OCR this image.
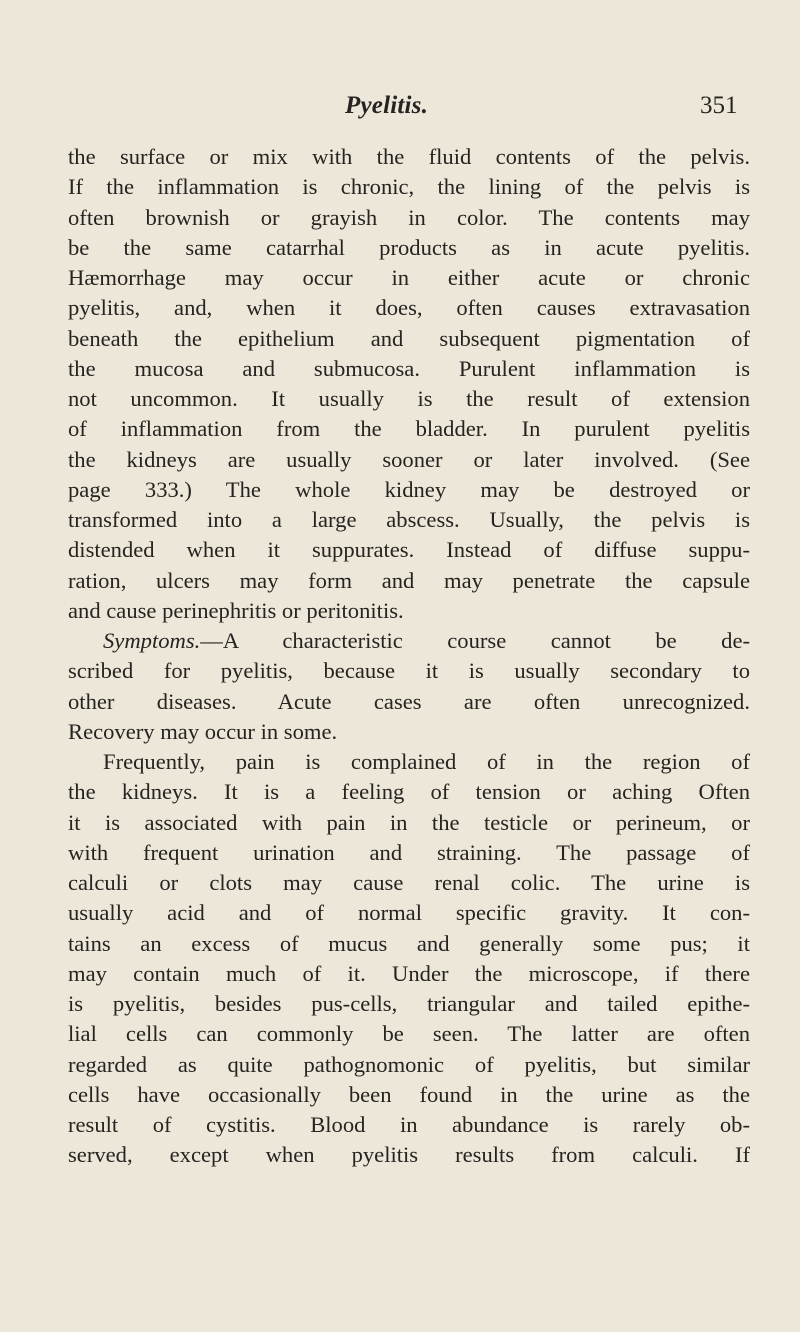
Pyelitis.	351
the surface or mix with the fluid contents of the pelvis.
If the inflammation is chronic, the lining of the pelvis is
often brownish or grayish in color. The contents may
be the same catarrhal products as in acute pyelitis.
Hæmorrhage may occur in either acute or chronic
pyelitis, and, when it does, often causes extravasation
beneath the epithelium and subsequent pigmentation of
the mucosa and submucosa. Purulent inflammation is
not uncommon. It usually is the result of extension
of inflammation from the bladder. In purulent pyelitis
the kidneys are usually sooner or later involved. (See
page 333.) The whole kidney may be destroyed or
transformed into a large abscess. Usually, the pelvis is
distended when it suppurates. Instead of diffuse suppu-
ration, ulcers may form and may penetrate the capsule
and cause perinephritis or peritonitis.
Symptoms.—A characteristic course cannot be de-
scribed for pyelitis, because it is usually secondary to
other diseases. Acute cases are often unrecognized.
Recovery may occur in some.
Frequently, pain is complained of in the region of
the kidneys. It is a feeling of tension or aching Often
it is associated with pain in the testicle or perineum, or
with frequent urination and straining. The passage of
calculi or clots may cause renal colic. The urine is
usually acid and of normal specific gravity. It con-
tains an excess of mucus and generally some pus; it
may contain much of it. Under the microscope, if there
is pyelitis, besides pus-cells, triangular and tailed epithe-
lial cells can commonly be seen. The latter are often
regarded as quite pathognomonic of pyelitis, but similar
cells have occasionally been found in the urine as the
result of cystitis. Blood in abundance is rarely ob-
served, except when pyelitis results from calculi. If
